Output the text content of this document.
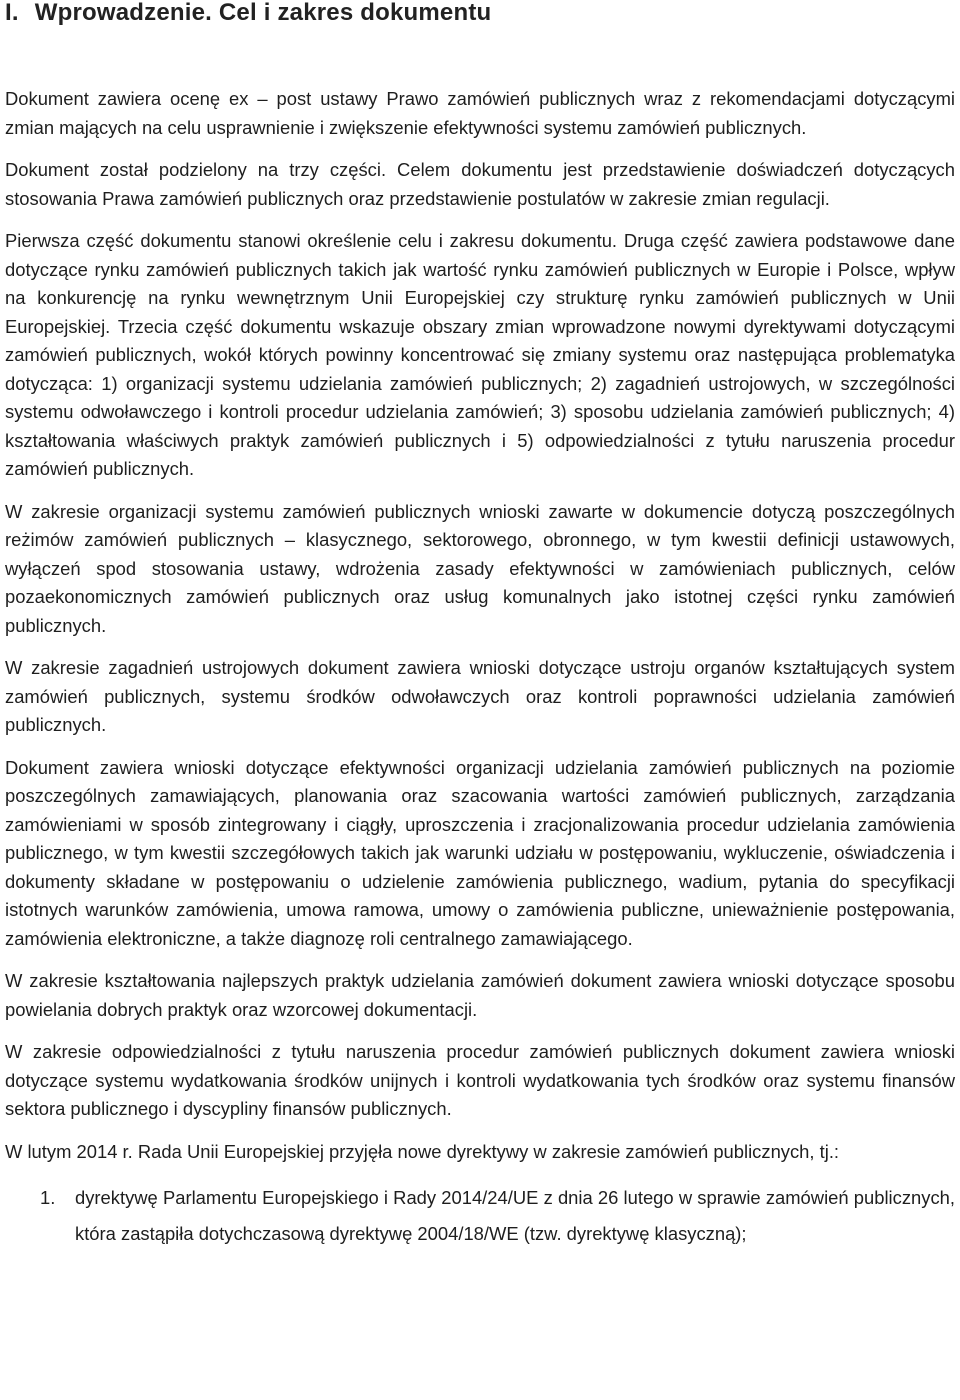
I. Wprowadzenie. Cel i zakres dokumentu

Dokument zawiera ocenę ex – post ustawy Prawo zamówień publicznych wraz z rekomendacjami dotyczącymi zmian mających na celu usprawnienie i zwiększenie efektywności systemu zamówień publicznych.

Dokument został podzielony na trzy części. Celem dokumentu jest przedstawienie doświadczeń dotyczących stosowania Prawa zamówień publicznych oraz przedstawienie postulatów w zakresie zmian regulacji.

Pierwsza część dokumentu stanowi określenie celu i zakresu dokumentu. Druga część zawiera podstawowe dane dotyczące rynku zamówień publicznych takich jak wartość rynku zamówień publicznych w Europie i Polsce, wpływ na konkurencję na rynku wewnętrznym Unii Europejskiej czy strukturę rynku zamówień publicznych w Unii Europejskiej. Trzecia część dokumentu wskazuje obszary zmian wprowadzone nowymi dyrektywami dotyczącymi zamówień publicznych, wokół których powinny koncentrować się zmiany systemu oraz następująca problematyka dotycząca: 1) organizacji systemu udzielania zamówień publicznych; 2) zagadnień ustrojowych, w szczególności systemu odwoławczego i kontroli procedur udzielania zamówień; 3) sposobu udzielania zamówień publicznych; 4) kształtowania właściwych praktyk zamówień publicznych i 5) odpowiedzialności z tytułu naruszenia procedur zamówień publicznych.

W zakresie organizacji systemu zamówień publicznych wnioski zawarte w dokumencie dotyczą poszczególnych reżimów zamówień publicznych – klasycznego, sektorowego, obronnego, w tym kwestii definicji ustawowych, wyłączeń spod stosowania ustawy, wdrożenia zasady efektywności w zamówieniach publicznych, celów pozaekonomicznych zamówień publicznych oraz usług komunalnych jako istotnej części rynku zamówień publicznych.

W zakresie zagadnień ustrojowych dokument zawiera wnioski dotyczące ustroju organów kształtujących system zamówień publicznych, systemu środków odwoławczych oraz kontroli poprawności udzielania zamówień publicznych.

Dokument zawiera wnioski dotyczące efektywności organizacji udzielania zamówień publicznych na poziomie poszczególnych zamawiających, planowania oraz szacowania wartości zamówień publicznych, zarządzania zamówieniami w sposób zintegrowany i ciągły, uproszczenia i zracjonalizowania procedur udzielania zamówienia publicznego, w tym kwestii szczegółowych takich jak warunki udziału w postępowaniu, wykluczenie, oświadczenia i dokumenty składane w postępowaniu o udzielenie zamówienia publicznego, wadium, pytania do specyfikacji istotnych warunków zamówienia, umowa ramowa, umowy o zamówienia publiczne, unieważnienie postępowania, zamówienia elektroniczne, a także diagnozę roli centralnego zamawiającego.

W zakresie kształtowania najlepszych praktyk udzielania zamówień dokument zawiera wnioski dotyczące sposobu powielania dobrych praktyk oraz wzorcowej dokumentacji.

W zakresie odpowiedzialności z tytułu naruszenia procedur zamówień publicznych dokument zawiera wnioski dotyczące systemu wydatkowania środków unijnych i kontroli wydatkowania tych środków oraz systemu finansów sektora publicznego i dyscypliny finansów publicznych.

W lutym 2014 r. Rada Unii Europejskiej przyjęła nowe dyrektywy w zakresie zamówień publicznych, tj.:

1.	dyrektywę Parlamentu Europejskiego i Rady 2014/24/UE z dnia 26 lutego w sprawie zamówień publicznych, która zastąpiła dotychczasową dyrektywę 2004/18/WE (tzw. dyrektywę klasyczną);
